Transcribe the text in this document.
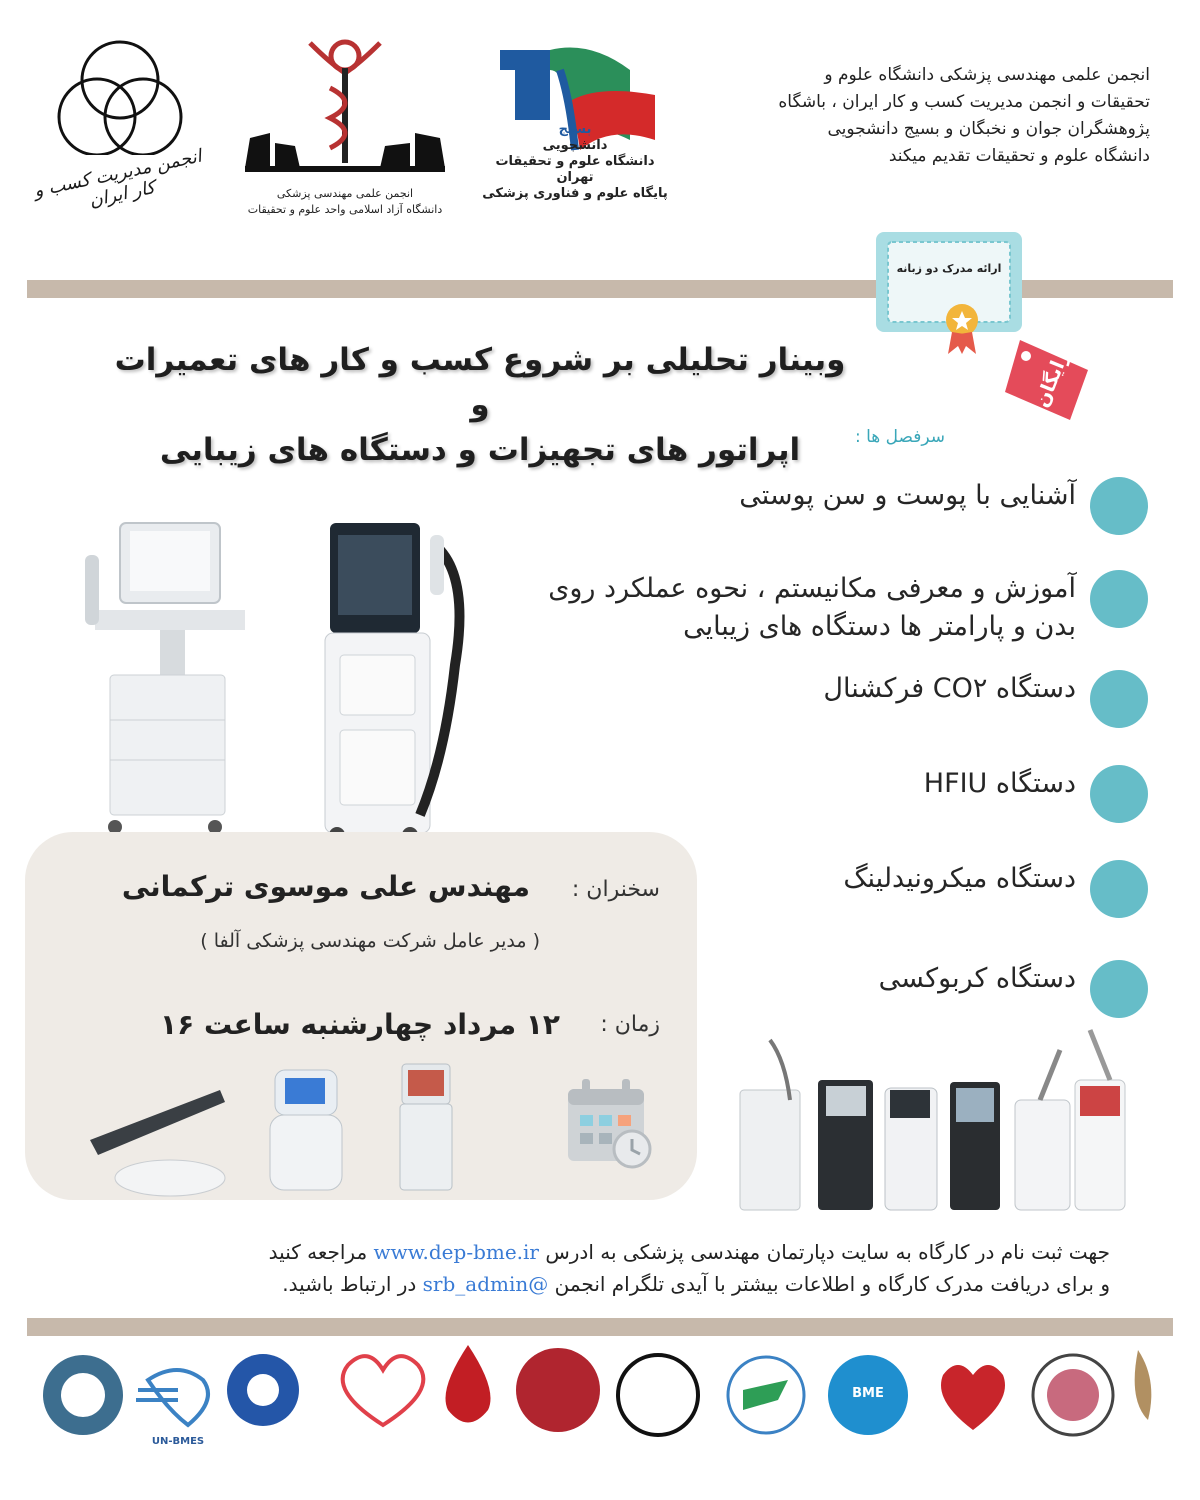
انجمن علمی مهندسی پزشکی دانشگاه علوم و
تحقیقات و انجمن مدیریت کسب و کار ایران ، باشگاه
پژوهشگران جوان و نخبگان و بسیج دانشجویی
دانشگاه علوم و تحقیقات تقدیم میکند
بسیج
دانشجویی
دانشگاه علوم و تحقیقات تهران
پایگاه علوم و فناوری پزشکی
انجمن علمی مهندسی پزشکی
دانشگاه آزاد اسلامی واحد علوم و تحقیقات
انجمن مدیریت کسب و کار ایران
ارائه مدرک دو زبانه
رایگان
وبینار تحلیلی بر شروع کسب و کار های تعمیرات و
اپراتور های تجهیزات و دستگاه های زیبایی	سرفصل ها :
آشنایی با پوست و سن پوستی
آموزش و معرفی مکانیستم ، نحوه عملکرد روی بدن و پارامتر ها دستگاه های زیبایی
دستگاه CO۲ فرکشنال
دستگاه HFIU
دستگاه میکرونیدلینگ
دستگاه کربوکسی
سخنران :
مهندس علی موسوی ترکمانی
( مدیر عامل شرکت مهندسی پزشکی آلفا )
زمان :
۱۲ مرداد چهارشنبه ساعت ۱۶
جهت ثبت نام در کارگاه به سایت دپارتمان مهندسی پزشکی به ادرس www.dep-bme.ir مراجعه کنید
و برای دریافت مدرک کارگاه و اطلاعات بیشتر با آیدی تلگرام انجمن @srb_admin در ارتباط باشید.
UN-BMES
BME
